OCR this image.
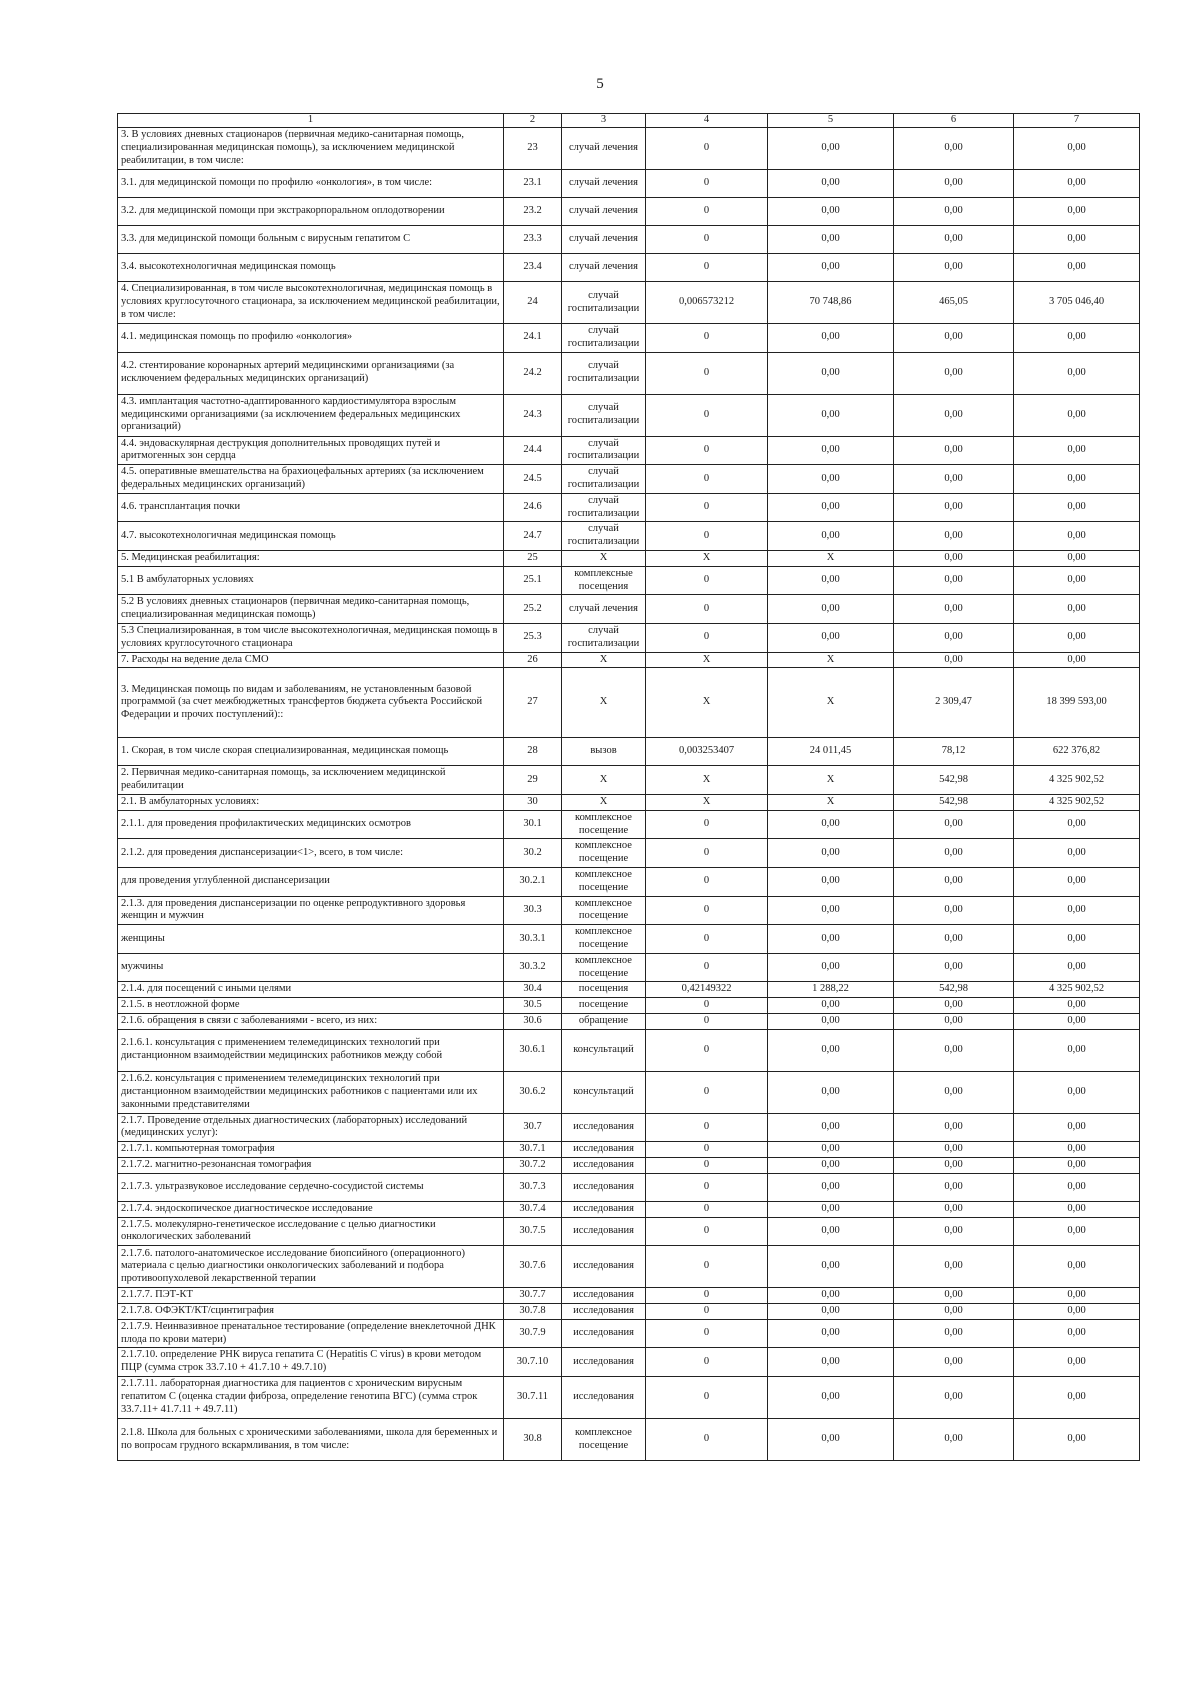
5
1	2	3	4	5	6	7
3. В условиях дневных стационаров (первичная медико-санитарная помощь, специализированная медицинская помощь), за исключением медицинской реабилитации, в том числе:	23	случай лечения	0	0,00	0,00	0,00
3.1. для медицинской помощи по профилю «онкология», в том числе:	23.1	случай лечения	0	0,00	0,00	0,00
3.2. для медицинской помощи при экстракорпоральном оплодотворении	23.2	случай лечения	0	0,00	0,00	0,00
3.3. для медицинской помощи больным с вирусным гепатитом С	23.3	случай лечения	0	0,00	0,00	0,00
3.4. высокотехнологичная медицинская помощь	23.4	случай лечения	0	0,00	0,00	0,00
4. Специализированная, в том числе высокотехнологичная, медицинская помощь в условиях круглосуточного стационара, за исключением медицинской реабилитации, в том числе:	24	случай госпитализации	0,006573212	70 748,86	465,05	3 705 046,40
4.1. медицинская помощь по профилю «онкология»	24.1	случай госпитализации	0	0,00	0,00	0,00
4.2. стентирование коронарных артерий медицинскими организациями (за исключением федеральных медицинских организаций)	24.2	случай госпитализации	0	0,00	0,00	0,00
4.3. имплантация частотно-адаптированного кардиостимулятора взрослым медицинскими организациями (за исключением федеральных медицинских организаций)	24.3	случай госпитализации	0	0,00	0,00	0,00
4.4. эндоваскулярная деструкция дополнительных проводящих путей и аритмогенных зон сердца	24.4	случай госпитализации	0	0,00	0,00	0,00
4.5. оперативные вмешательства на брахиоцефальных артериях (за исключением федеральных медицинских организаций)	24.5	случай госпитализации	0	0,00	0,00	0,00
4.6. трансплантация почки	24.6	случай госпитализации	0	0,00	0,00	0,00
4.7. высокотехнологичная медицинская помощь	24.7	случай госпитализации	0	0,00	0,00	0,00
5. Медицинская реабилитация:	25	Х	Х	Х	0,00	0,00
5.1 В амбулаторных условиях	25.1	комплексные посещения	0	0,00	0,00	0,00
5.2 В условиях дневных стационаров (первичная медико-санитарная помощь, специализированная медицинская помощь)	25.2	случай лечения	0	0,00	0,00	0,00
5.3 Специализированная, в том числе высокотехнологичная, медицинская помощь в условиях круглосуточного стационара	25.3	случай госпитализации	0	0,00	0,00	0,00
7. Расходы на ведение дела СМО	26	Х	Х	Х	0,00	0,00
3. Медицинская помощь по видам и заболеваниям, не установленным базовой программой (за счет межбюджетных трансфертов бюджета субъекта Российской Федерации и прочих поступлений)::	27	Х	Х	Х	2 309,47	18 399 593,00
1. Скорая, в том числе скорая специализированная, медицинская помощь	28	вызов	0,003253407	24 011,45	78,12	622 376,82
2. Первичная медико-санитарная помощь, за исключением медицинской реабилитации	29	Х	Х	Х	542,98	4 325 902,52
2.1. В амбулаторных условиях:	30	Х	Х	Х	542,98	4 325 902,52
2.1.1. для проведения профилактических медицинских осмотров	30.1	комплексное посещение	0	0,00	0,00	0,00
2.1.2. для проведения диспансеризации<1>, всего, в том числе:	30.2	комплексное посещение	0	0,00	0,00	0,00
для проведения углубленной диспансеризации	30.2.1	комплексное посещение	0	0,00	0,00	0,00
2.1.3. для проведения диспансеризации по оценке репродуктивного здоровья женщин и мужчин	30.3	комплексное посещение	0	0,00	0,00	0,00
женщины	30.3.1	комплексное посещение	0	0,00	0,00	0,00
мужчины	30.3.2	комплексное посещение	0	0,00	0,00	0,00
2.1.4. для посещений с иными целями	30.4	посещения	0,42149322	1 288,22	542,98	4 325 902,52
2.1.5. в неотложной форме	30.5	посещение	0	0,00	0,00	0,00
2.1.6. обращения в связи с заболеваниями - всего, из них:	30.6	обращение	0	0,00	0,00	0,00
2.1.6.1. консультация с применением телемедицинских технологий при дистанционном взаимодействии медицинских работников между собой	30.6.1	консультаций	0	0,00	0,00	0,00
2.1.6.2. консультация с применением телемедицинских технологий при дистанционном взаимодействии медицинских работников с пациентами или их законными представителями	30.6.2	консультаций	0	0,00	0,00	0,00
2.1.7. Проведение отдельных диагностических (лабораторных) исследований (медицинских услуг):	30.7	исследования	0	0,00	0,00	0,00
2.1.7.1. компьютерная томография	30.7.1	исследования	0	0,00	0,00	0,00
2.1.7.2. магнитно-резонансная томография	30.7.2	исследования	0	0,00	0,00	0,00
2.1.7.3. ультразвуковое исследование сердечно-сосудистой системы	30.7.3	исследования	0	0,00	0,00	0,00
2.1.7.4. эндоскопическое диагностическое исследование	30.7.4	исследования	0	0,00	0,00	0,00
2.1.7.5. молекулярно-генетическое исследование с целью диагностики онкологических заболеваний	30.7.5	исследования	0	0,00	0,00	0,00
2.1.7.6. патолого-анатомическое исследование биопсийного (операционного) материала с целью диагностики онкологических заболеваний и подбора противоопухолевой лекарственной терапии	30.7.6	исследования	0	0,00	0,00	0,00
2.1.7.7. ПЭТ-КТ	30.7.7	исследования	0	0,00	0,00	0,00
2.1.7.8. ОФЭКТ/КТ/сцинтиграфия	30.7.8	исследования	0	0,00	0,00	0,00
2.1.7.9. Неинвазивное пренатальное тестирование (определение внеклеточной ДНК плода по крови матери)	30.7.9	исследования	0	0,00	0,00	0,00
2.1.7.10. определение РНК вируса гепатита С (Hepatitis C virus) в крови методом ПЦР (сумма строк 33.7.10 + 41.7.10 + 49.7.10)	30.7.10	исследования	0	0,00	0,00	0,00
2.1.7.11. лабораторная диагностика для пациентов с хроническим вирусным гепатитом С (оценка стадии фиброза, определение генотипа ВГС) (сумма строк 33.7.11+ 41.7.11 + 49.7.11)	30.7.11	исследования	0	0,00	0,00	0,00
2.1.8. Школа для больных с хроническими заболеваниями, школа для беременных и по вопросам грудного вскармливания, в том числе:	30.8	комплексное посещение	0	0,00	0,00	0,00
